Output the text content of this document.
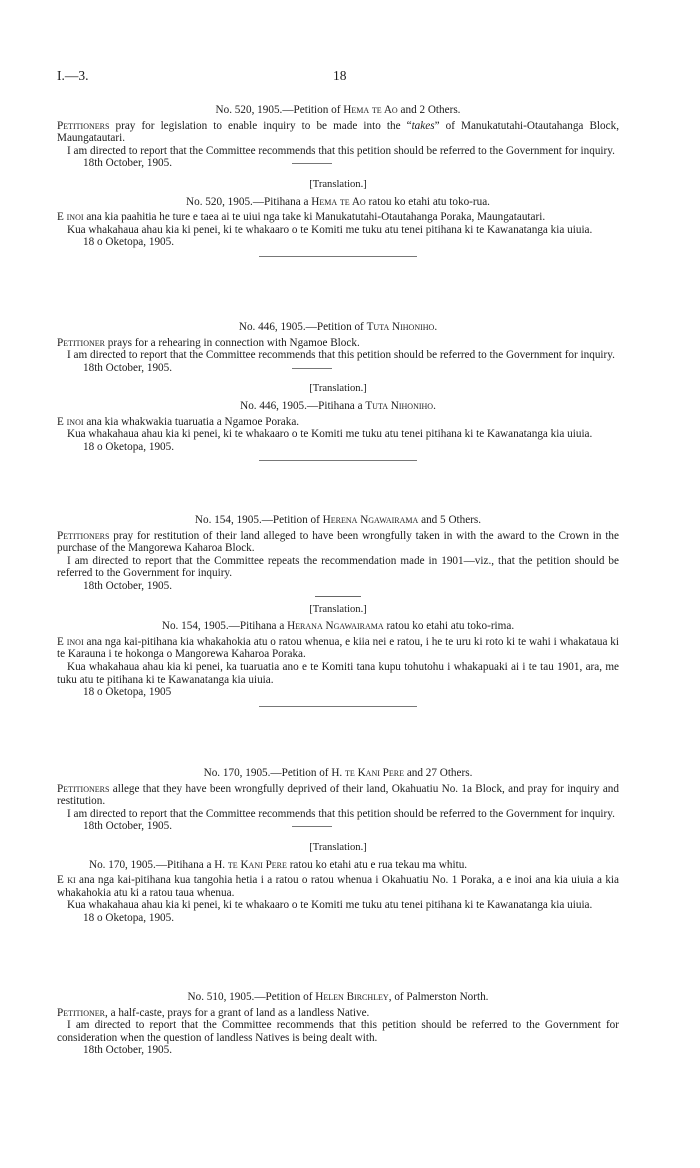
I.—3.	18

No. 520, 1905.—Petition of Hema te Ao and 2 Others.

Petitioners pray for legislation to enable inquiry to be made into the “takes” of Manukatutahi-Otautahanga Block, Maungatautari.

I am directed to report that the Committee recommends that this petition should be referred to the Government for inquiry.

18th October, 1905.

[Translation.]

No. 520, 1905.—Pitihana a Hema te Ao ratou ko etahi atu toko-rua.

E inoi ana kia paahitia he ture e taea ai te uiui nga take ki Manukatutahi-Otautahanga Poraka, Maungatautari.

Kua whakahaua ahau kia ki penei, ki te whakaaro o te Komiti me tuku atu tenei pitihana ki te Kawanatanga kia uiuia.

18 o Oketopa, 1905.

No. 446, 1905.—Petition of Tuta Nihoniho.

Petitioner prays for a rehearing in connection with Ngamoe Block.

I am directed to report that the Committee recommends that this petition should be referred to the Government for inquiry.

18th October, 1905.

[Translation.]

No. 446, 1905.—Pitihana a Tuta Nihoniho.

E inoi ana kia whakwakia tuaruatia a Ngamoe Poraka.

Kua whakahaua ahau kia ki penei, ki te whakaaro o te Komiti me tuku atu tenei pitihana ki te Kawanatanga kia uiuia.

18 o Oketopa, 1905.

No. 154, 1905.—Petition of Herena Ngawairama and 5 Others.

Petitioners pray for restitution of their land alleged to have been wrongfully taken in with the award to the Crown in the purchase of the Mangorewa Kaharoa Block.

I am directed to report that the Committee repeats the recommendation made in 1901—viz., that the petition should be referred to the Government for inquiry.

18th October, 1905.

[Translation.]

No. 154, 1905.—Pitihana a Herana Ngawairama ratou ko etahi atu toko-rima.

E inoi ana nga kai-pitihana kia whakahokia atu o ratou whenua, e kiia nei e ratou, i he te uru ki roto ki te wahi i whakataua ki te Karauna i te hokonga o Mangorewa Kaharoa Poraka.

Kua whakahaua ahau kia ki penei, ka tuaruatia ano e te Komiti tana kupu tohutohu i whakapuaki ai i te tau 1901, ara, me tuku atu te pitihana ki te Kawanatanga kia uiuia.

18 o Oketopa, 1905

No. 170, 1905.—Petition of H. te Kani Pere and 27 Others.

Petitioners allege that they have been wrongfully deprived of their land, Okahuatiu No. 1a Block, and pray for inquiry and restitution.

I am directed to report that the Committee recommends that this petition should be referred to the Government for inquiry.

18th October, 1905.

[Translation.]

No. 170, 1905.—Pitihana a H. te Kani Pere ratou ko etahi atu e rua tekau ma whitu.

E ki ana nga kai-pitihana kua tangohia hetia i a ratou o ratou whenua i Okahuatiu No. 1 Poraka, a e inoi ana kia uiuia a kia whakahokia atu ki a ratou taua whenua.

Kua whakahaua ahau kia ki penei, ki te whakaaro o te Komiti me tuku atu tenei pitihana ki te Kawanatanga kia uiuia.

18 o Oketopa, 1905.

No. 510, 1905.—Petition of Helen Birchley, of Palmerston North.

Petitioner, a half-caste, prays for a grant of land as a landless Native.

I am directed to report that the Committee recommends that this petition should be referred to the Government for consideration when the question of landless Natives is being dealt with.

18th October, 1905.
